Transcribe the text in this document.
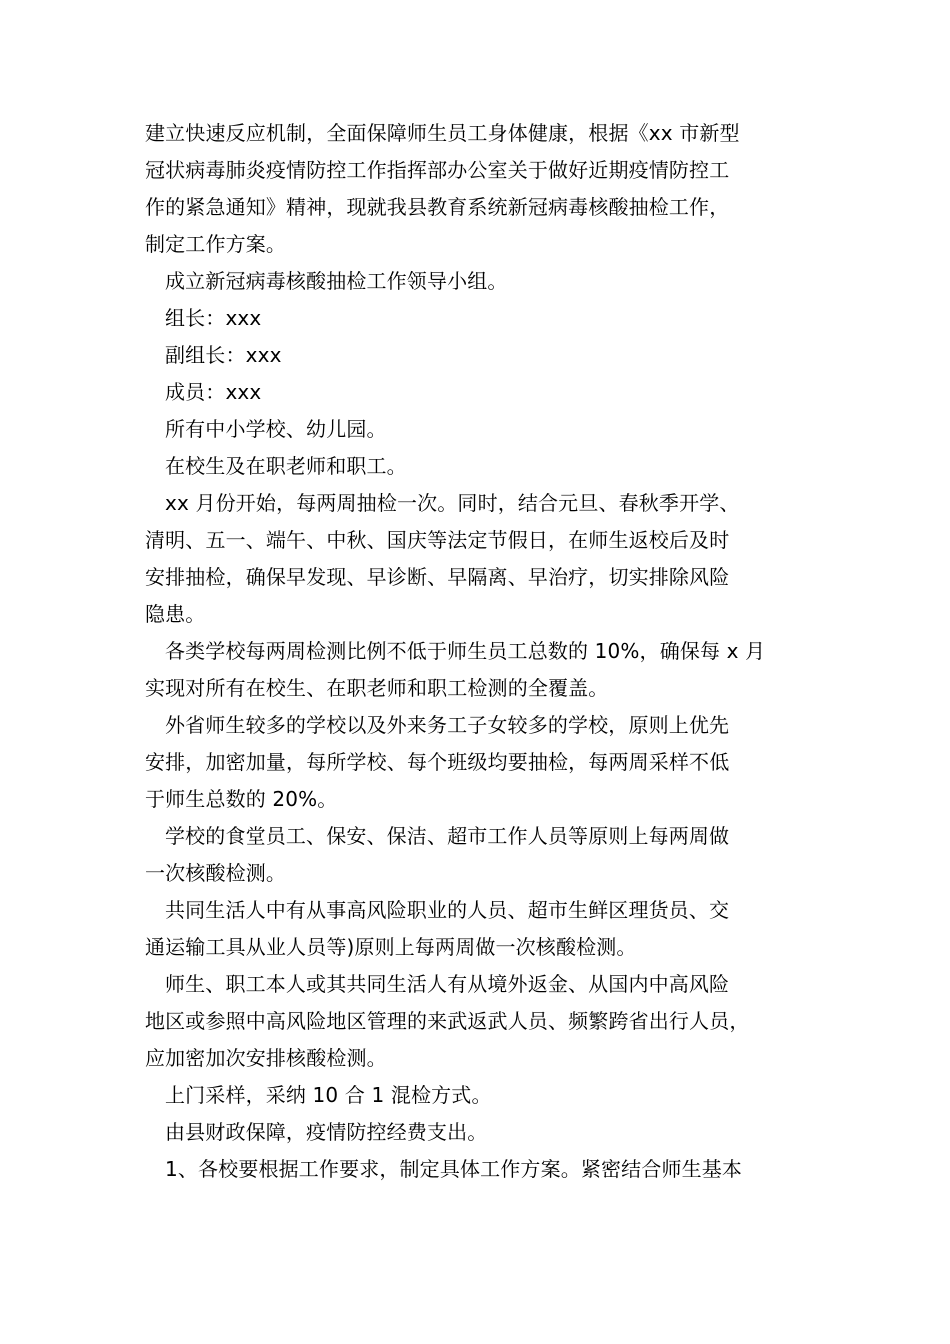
建立快速反应机制，全面保障师生员工身体健康，根据《xx 市新型
冠状病毒肺炎疫情防控工作指挥部办公室关于做好近期疫情防控工
作的紧急通知》精神，现就我县教育系统新冠病毒核酸抽检工作，
制定工作方案。
成立新冠病毒核酸抽检工作领导小组。
组长：xxx
副组长：xxx
成员：xxx
所有中小学校、幼儿园。
在校生及在职老师和职工。
xx 月份开始，每两周抽检一次。同时，结合元旦、春秋季开学、
清明、五一、端午、中秋、国庆等法定节假日，在师生返校后及时
安排抽检，确保早发现、早诊断、早隔离、早治疗，切实排除风险
隐患。
各类学校每两周检测比例不低于师生员工总数的 10%，确保每 x 月
实现对所有在校生、在职老师和职工检测的全覆盖。
外省师生较多的学校以及外来务工子女较多的学校，原则上优先
安排，加密加量，每所学校、每个班级均要抽检，每两周采样不低
于师生总数的 20%。
学校的食堂员工、保安、保洁、超市工作人员等原则上每两周做
一次核酸检测。
共同生活人中有从事高风险职业的人员、超市生鲜区理货员、交
通运输工具从业人员等)原则上每两周做一次核酸检测。
师生、职工本人或其共同生活人有从境外返金、从国内中高风险
地区或参照中高风险地区管理的来武返武人员、频繁跨省出行人员，
应加密加次安排核酸检测。
上门采样，采纳 10 合 1 混检方式。
由县财政保障，疫情防控经费支出。
1、各校要根据工作要求，制定具体工作方案。紧密结合师生基本
